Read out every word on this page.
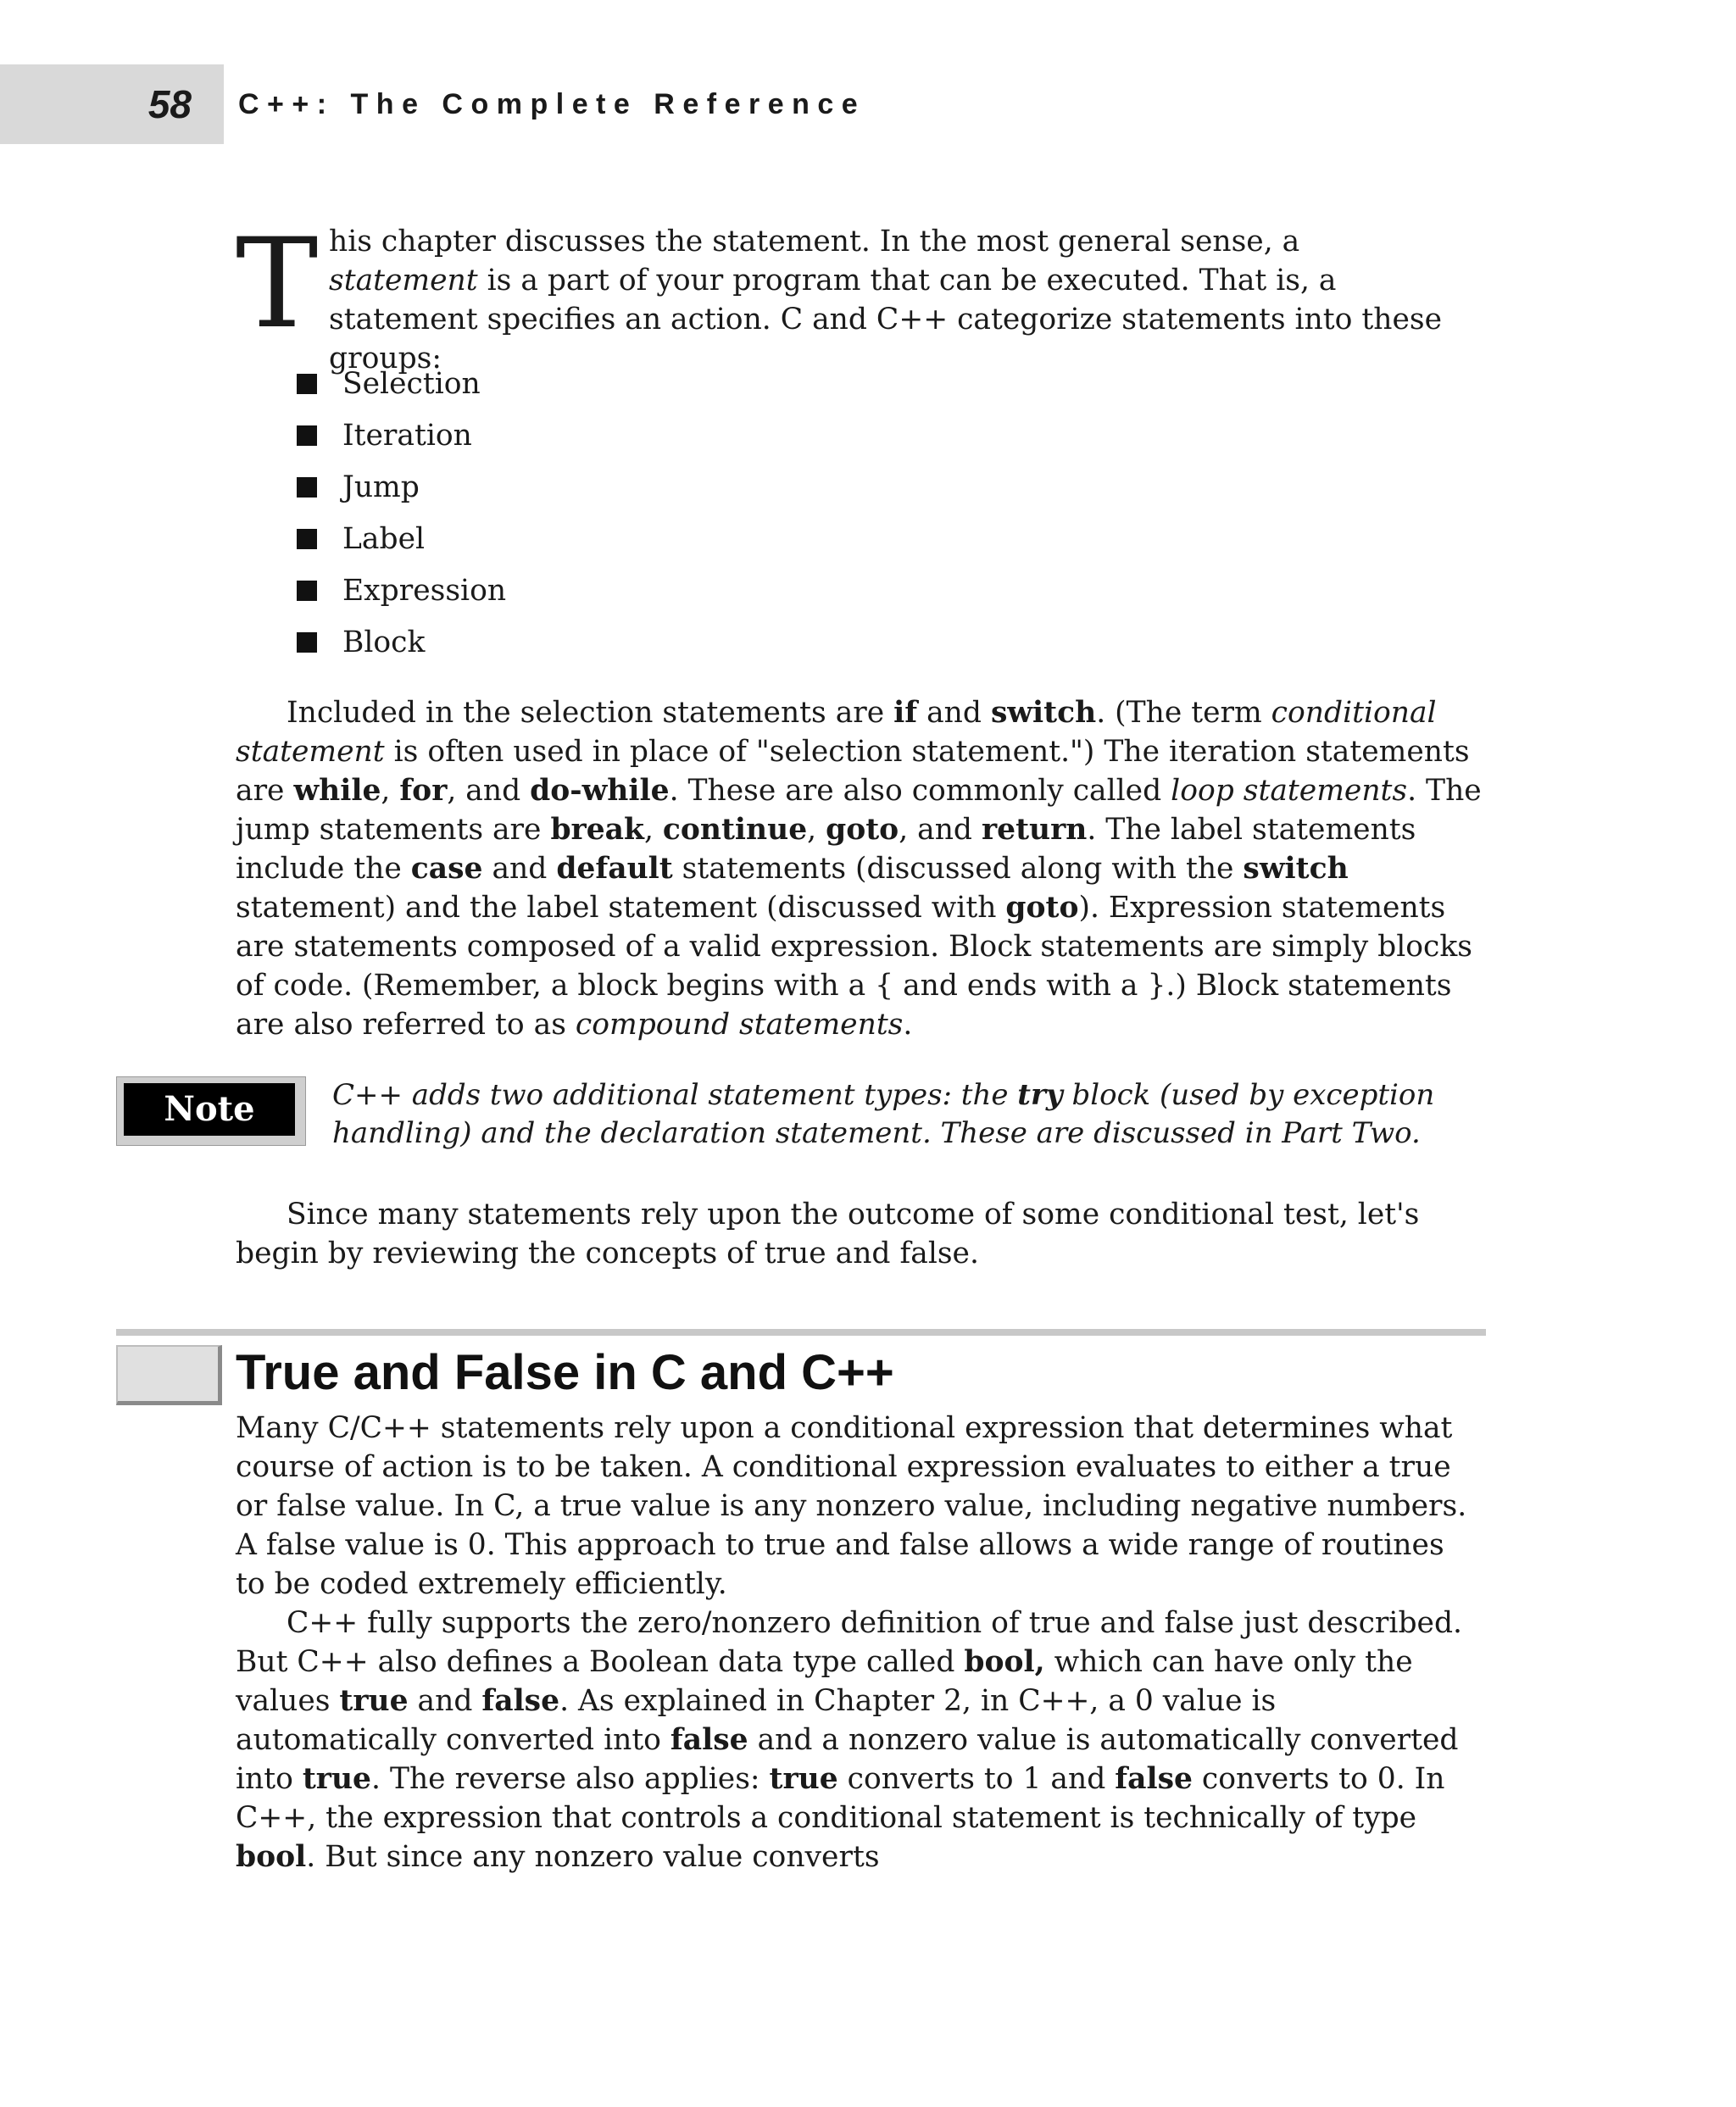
58 C++: The Complete Reference
T his chapter discusses the statement. In the most general sense, a statement is a part of your program that can be executed. That is, a statement specifies an action. C and C++ categorize statements into these groups:
Selection
Iteration
Jump
Label
Expression
Block

Included in the selection statements are if and switch. (The term conditional statement is often used in place of "selection statement.") The iteration statements are while, for, and do-while. These are also commonly called loop statements. The jump statements are break, continue, goto, and return. The label statements include the case and default statements (discussed along with the switch statement) and the label statement (discussed with goto). Expression statements are statements composed of a valid expression. Block statements are simply blocks of code. (Remember, a block begins with a { and ends with a }.) Block statements are also referred to as compound statements.

Note	C++ adds two additional statement types: the try block (used by exception handling) and the declaration statement. These are discussed in Part Two.

Since many statements rely upon the outcome of some conditional test, let's begin by reviewing the concepts of true and false.

True and False in C and C++

Many C/C++ statements rely upon a conditional expression that determines what course of action is to be taken. A conditional expression evaluates to either a true or false value. In C, a true value is any nonzero value, including negative numbers. A false value is 0. This approach to true and false allows a wide range of routines to be coded extremely efficiently.

C++ fully supports the zero/nonzero definition of true and false just described. But C++ also defines a Boolean data type called bool, which can have only the values true and false. As explained in Chapter 2, in C++, a 0 value is automatically converted into false and a nonzero value is automatically converted into true. The reverse also applies: true converts to 1 and false converts to 0. In C++, the expression that controls a conditional statement is technically of type bool. But since any nonzero value converts
